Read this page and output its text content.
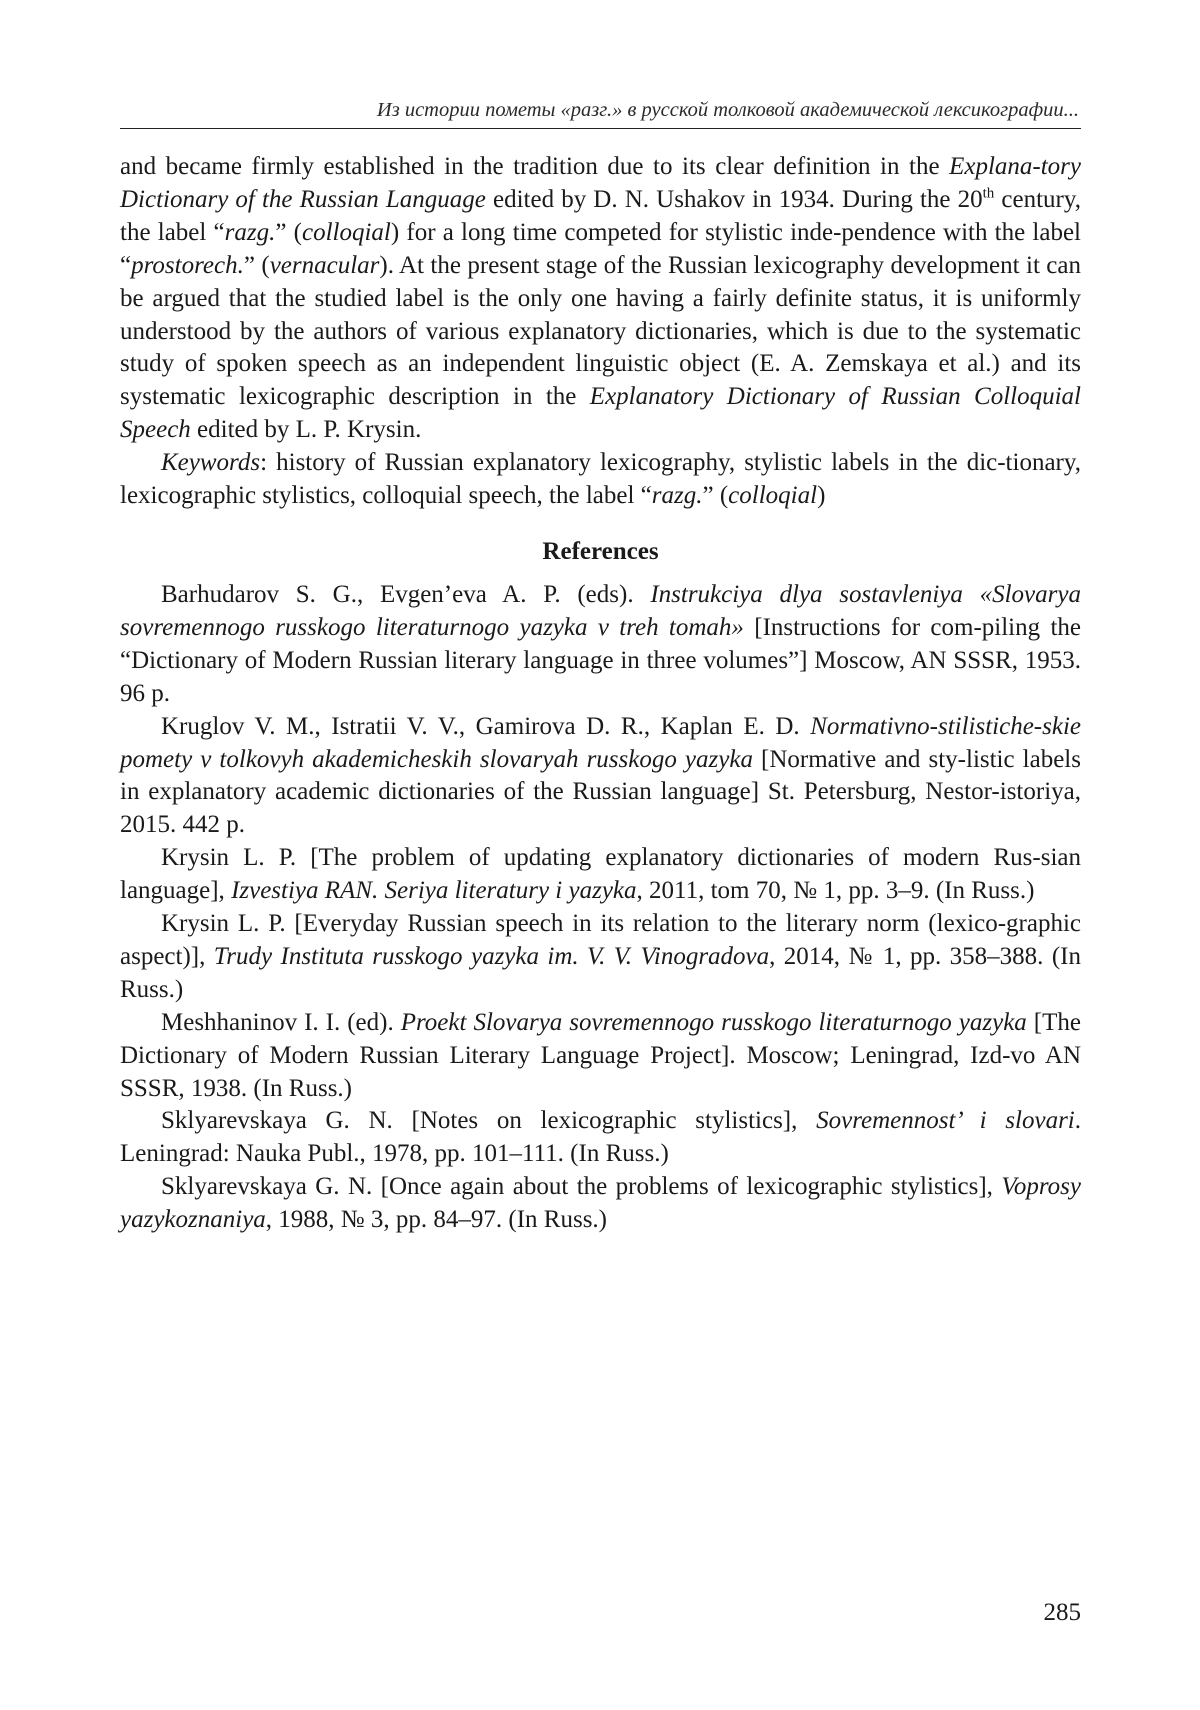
Из истории пометы «разг.» в русской толковой академической лексикографии...

and became firmly established in the tradition due to its clear definition in the Explana-tory Dictionary of the Russian Language edited by D. N. Ushakov in 1934. During the 20th century, the label “razg.” (colloqial) for a long time competed for stylistic inde-pendence with the label “prostorech.” (vernacular). At the present stage of the Russian lexicography development it can be argued that the studied label is the only one having a fairly definite status, it is uniformly understood by the authors of various explanatory dictionaries, which is due to the systematic study of spoken speech as an independent linguistic object (E. A. Zemskaya et al.) and its systematic lexicographic description in the Explanatory Dictionary of Russian Colloquial Speech edited by L. P. Krysin.

Keywords: history of Russian explanatory lexicography, stylistic labels in the dic-tionary, lexicographic stylistics, colloquial speech, the label “razg.” (colloqial)

References

Barhudarov S. G., Evgen’eva A. P. (eds). Instrukciya dlya sostavleniya «Slovarya sovremennogo russkogo literaturnogo yazyka v treh tomah» [Instructions for com-piling the “Dictionary of Modern Russian literary language in three volumes”] Moscow, AN SSSR, 1953. 96 p.

Kruglov V. M., Istratii V. V., Gamirova D. R., Kaplan E. D. Normativno-stilistiche-skie pomety v tolkovyh akademicheskih slovaryah russkogo yazyka [Normative and sty-listic labels in explanatory academic dictionaries of the Russian language] St. Petersburg, Nestor-istoriya, 2015. 442 p.

Krysin L. P. [The problem of updating explanatory dictionaries of modern Rus-sian language], Izvestiya RAN. Seriya literatury i yazyka, 2011, tom 70, № 1, pp. 3–9. (In Russ.)

Krysin L. P. [Everyday Russian speech in its relation to the literary norm (lexico-graphic aspect)], Trudy Instituta russkogo yazyka im. V. V. Vinogradova, 2014, № 1, pp. 358–388. (In Russ.)

Meshhaninov I. I. (ed). Proekt Slovarya sovremennogo russkogo literaturnogo yazyka [The Dictionary of Modern Russian Literary Language Project]. Moscow; Leningrad, Izd-vo AN SSSR, 1938. (In Russ.)

Sklyarevskaya G. N. [Notes on lexicographic stylistics], Sovremennost’ i slovari. Leningrad: Nauka Publ., 1978, pp. 101–111. (In Russ.)

Sklyarevskaya G. N. [Once again about the problems of lexicographic stylistics], Voprosy yazykoznaniya, 1988, № 3, pp. 84–97. (In Russ.)

285
